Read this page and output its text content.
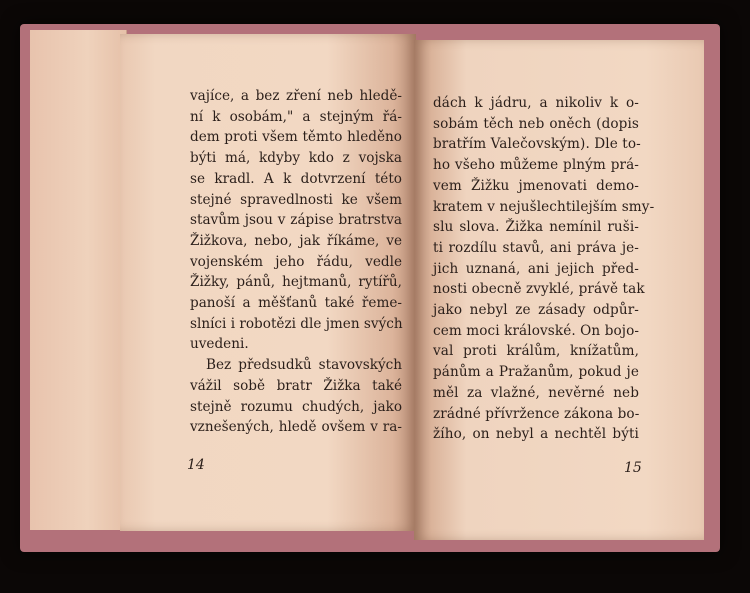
vajíce, a bez zření neb hledě-
ní k osobám," a stejným řá-
dem proti všem těmto hleděno
býti má, kdyby kdo z vojska
se kradl. A k dotvrzení této
stejné spravedlnosti ke všem
stavům jsou v zápise bratrstva
Žižkova, nebo, jak říkáme, ve
vojenském jeho řádu, vedle
Žižky, pánů, hejtmanů, rytířů,
panoší a měšťanů také řeme-
slníci i robotězi dle jmen svých
uvedeni.
Bez předsudků stavovských
vážil sobě bratr Žižka také
stejně rozumu chudých, jako
vznešených, hledě ovšem v ra-
14
dách k jádru, a nikoliv k o-
sobám těch neb oněch (dopis
bratřím Valečovským). Dle to-
ho všeho můžeme plným prá-
vem Žižku jmenovati demo-
kratem v nejušlechtilejším smy-
slu slova. Žižka nemínil ruši-
ti rozdílu stavů, ani práva je-
jich uznaná, ani jejich před-
nosti obecně zvyklé, právě tak
jako nebyl ze zásady odpůr-
cem moci královské. On bojo-
val proti králům, knížatům,
pánům a Pražanům, pokud je
měl za vlažné, nevěrné neb
zrádné přívržence zákona bo-
žího, on nebyl a nechtěl býti
15
